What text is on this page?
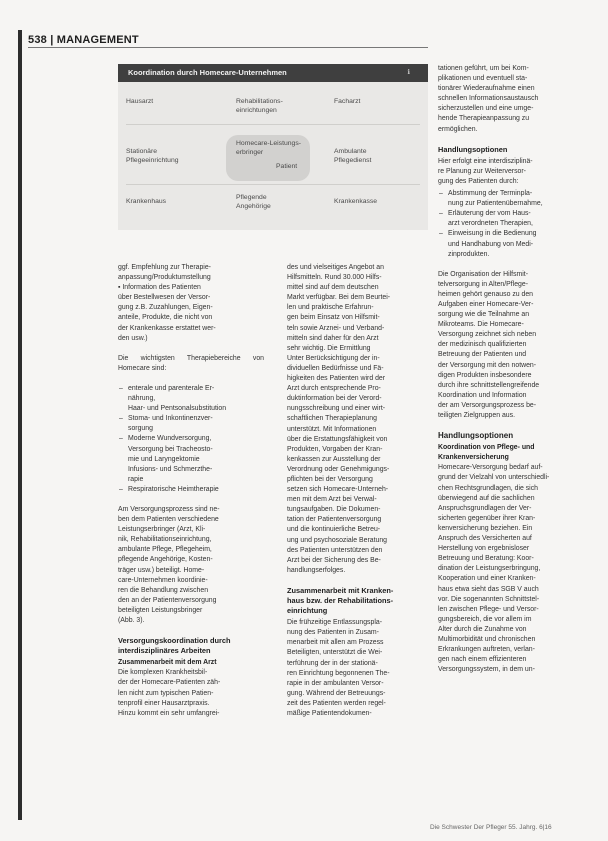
538 | MANAGEMENT
Koordination durch Homecare-Unternehmen	ℹ
Hausarzt	Rehabilitations-
einrichtungen
Facharzt
Stationäre
Pflegeeinrichtung
Homecare-Leistungs-
erbringer
Patient
Ambulante
Pflegedienst
Krankenhaus
Pflegende
Angehörige
Krankenkasse

ggf. Empfehlung zur Therapie-
anpassung/Produktumstellung
▪ Information des Patienten
über Bestellwesen der Versor-
gung z.B. Zuzahlungen, Eigen-
anteile, Produkte, die nicht von
der Krankenkasse erstattet wer-
den usw.)

Die wichtigsten Therapiebereiche von Homecare sind:

– enterale und parenterale Er-
nährung,
Haar- und Pentsonalsubstitution
– Stoma- und Inkontinenzver-
sorgung
– Moderne Wundversorgung,
Versorgung bei Tracheosto-
mie und Laryngektomie
Infusions- und Schmerzthe-
rapie
– Respiratorische Heimtherapie

Am Versorgungsprozess sind ne-
ben dem Patienten verschiedene
Leistungserbringer (Arzt, Kli-
nik, Rehabilitationseinrichtung,
ambulante Pflege, Pflegeheim,
pflegende Angehörige, Kosten-
träger usw.) beteiligt. Home-
care-Unternehmen koordinie-
ren die Behandlung zwischen
den an der Patientenversorgung
beteiligten Leistungsbringer
(Abb. 3).

Versorgungskoordination durch
interdisziplinäres Arbeiten

Zusammenarbeit mit dem Arzt

Die komplexen Krankheitsbil-
der der Homecare-Patienten zäh-
len nicht zum typischen Patien-
tenprofil einer Hausarztpraxis.
Hinzu kommt ein sehr umfangrei-

des und vielseitiges Angebot an
Hilfsmitteln. Rund 30.000 Hilfs-
mittel sind auf dem deutschen
Markt verfügbar. Bei dem Beurtei-
len und praktische Erfahrun-
gen beim Einsatz von Hilfsmit-
teln sowie Arznei- und Verband-
mitteln sind daher für den Arzt
sehr wichtig. Die Ermittlung
Unter Berücksichtigung der in-
dividuellen Bedürfnisse und Fä-
higkeiten des Patienten wird der
Arzt durch entsprechende Pro-
duktinformation bei der Verord-
nungsschreibung und einer wirt-
schaftlichen Therapieplanung
unterstützt. Mit Informationen
über die Erstattungsfähigkeit von
Produkten, Vorgaben der Kran-
kenkassen zur Ausstellung der
Verordnung oder Genehmigungs-
pflichten bei der Versorgung
setzen sich Homecare-Unterneh-
men mit dem Arzt bei Verwal-
tungsaufgaben. Die Dokumen-
tation der Patientenversorgung
und die kontinuierliche Betreu-
ung und psychosoziale Beratung
des Patienten unterstützen den
Arzt bei der Sicherung des Be-
handlungserfolges.

Zusammenarbeit mit Kranken-
haus bzw. der Rehabilitations-
einrichtung

Die frühzeitige Entlassungspla-
nung des Patienten in Zusam-
menarbeit mit allen am Prozess
Beteiligten, unterstützt die Wei-
terführung der in der stationä-
ren Einrichtung begonnenen The-
rapie in der ambulanten Versor-
gung. Während der Betreuungs-
zeit des Patienten werden regel-
mäßige Patientendokumen-

tationen geführt, um bei Kom-
plikationen und eventuell sta-
tionärer Wiederaufnahme einen
schnellen Informationsaustausch
sicherzustellen und eine umge-
hende Therapieanpassung zu
ermöglichen.

Handlungsoptionen

Hier erfolgt eine interdisziplinä-
re Planung zur Weiterversor-
gung des Patienten durch:

– Abstimmung der Terminpla-
nung zur Patientenübernahme,
– Erläuterung der vom Haus-
arzt verordneten Therapien,
– Einweisung in die Bedienung
und Handhabung von Medi-
zinprodukten.

Die Organisation der Hilfsmit-
telversorgung in Alten/Pflege-
heimen gehört genauso zu den
Aufgaben einer Homecare-Ver-
sorgung wie die Teilnahme an
Mikroteams. Die Homecare-
Versorgung zeichnet sich neben
der medizinisch qualifizierten
Betreuung der Patienten und
der Versorgung mit den notwen-
digen Produkten insbesondere
durch ihre schnittstellengreifende
Koordination und Information
der am Versorgungsprozess be-
teiligten Zielgruppen aus.

Handlungsoptionen

Koordination von Pflege- und
Krankenversicherung

Homecare-Versorgung bedarf auf-
grund der Vielzahl von unterschiedli-
chen Rechtsgrundlagen, die sich
überwiegend auf die sachlichen
Anspruchsgrundlagen der Ver-
sicherten gegenüber ihrer Kran-
kenversicherung beziehen. Ein
Anspruch des Versicherten auf
Herstellung von ergebnisloser
Betreuung und Beratung: Koor-
dination der Leistungserbringung,
Kooperation und einer Kranken-
haus etwa sieht das SGB V auch
vor. Die sogenannten Schnittstel-
len zwischen Pflege- und Versor-
gungsbereich, die vor allem im
Alter durch die Zunahme von
Multimorbidität und chronischen
Erkrankungen auftreten, verlan-
gen nach einem effizienteren
Versorgungssystem, in dem un-

Die Schwester Der Pfleger 55. Jahrg. 6|16
